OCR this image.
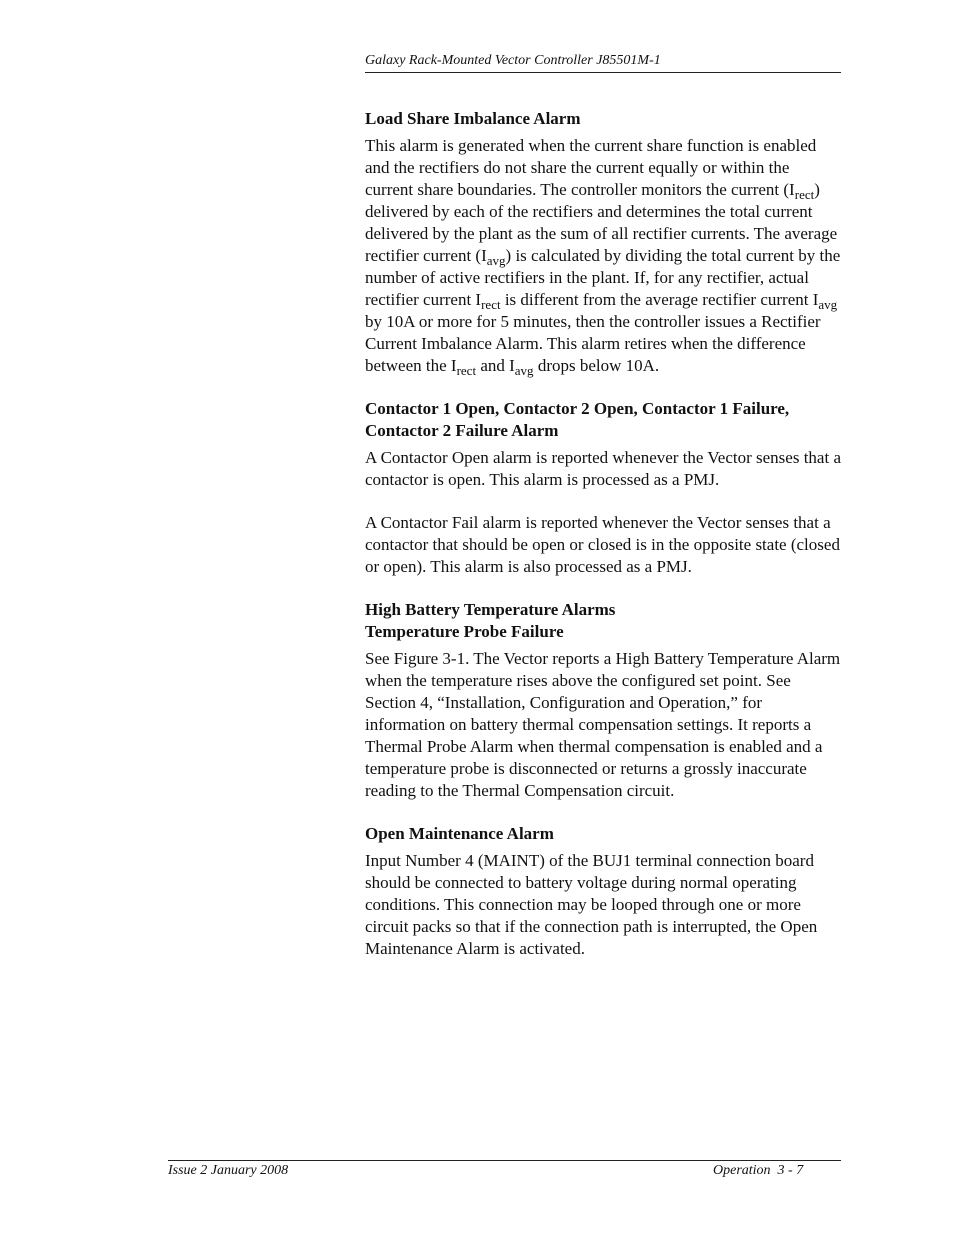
Galaxy Rack-Mounted Vector Controller J85501M-1
Load Share Imbalance Alarm

This alarm is generated when the current share function is enabled and the rectifiers do not share the current equally or within the current share boundaries. The controller monitors the current $(I_{rect})$ delivered by each of the rectifiers and determines the total current delivered by the plant as the sum of all rectifier currents. The average rectifier current $(I_{avg})$ is calculated by dividing the total current by the number of active rectifiers in the plant. If, for any rectifier, actual rectifier current $I_{rect}$ is different from the average rectifier current $I_{avg}$ by 10A or more for 5 minutes, then the controller issues a Rectifier Current Imbalance Alarm. This alarm retires when the difference between the $I_{rect}$ and $I_{avg}$ drops below 10A.

Contactor 1 Open, Contactor 2 Open, Contactor 1 Failure,
Contactor 2 Failure Alarm

A Contactor Open alarm is reported whenever the Vector senses that a contactor is open. This alarm is processed as a PMJ.

A Contactor Fail alarm is reported whenever the Vector senses that a contactor that should be open or closed is in the opposite state (closed or open). This alarm is also processed as a PMJ.

High Battery Temperature Alarms
Temperature Probe Failure

See Figure 3-1. The Vector reports a High Battery Temperature Alarm when the temperature rises above the configured set point. See Section 4, “Installation, Configuration and Operation,” for information on battery thermal compensation settings. It reports a Thermal Probe Alarm when thermal compensation is enabled and a temperature probe is disconnected or returns a grossly inaccurate reading to the Thermal Compensation circuit.

Open Maintenance Alarm

Input Number 4 (MAINT) of the BUJ1 terminal connection board should be connected to battery voltage during normal operating conditions. This connection may be looped through one or more circuit packs so that if the connection path is interrupted, the Open Maintenance Alarm is activated.

Issue 2 January 2008	Operation  3 - 7
